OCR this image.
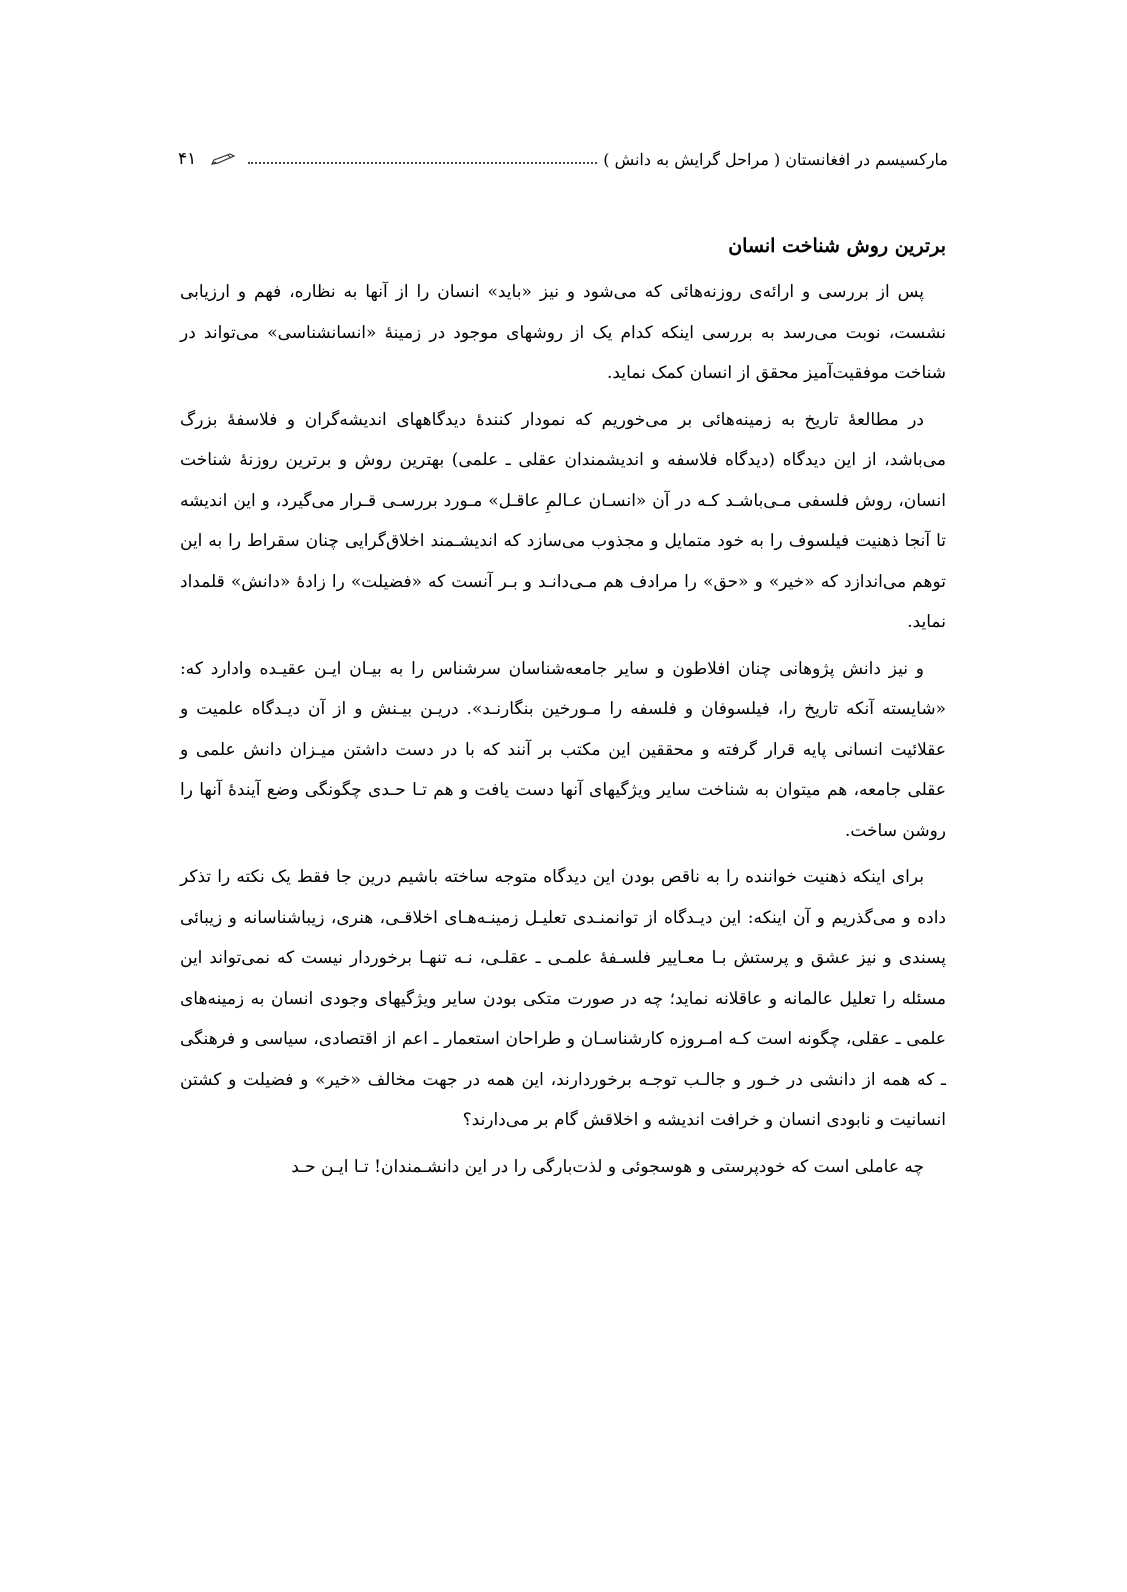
۴۱	مارکسیسم در افغانستان ( مراحل گرایش به دانش )
برترین روش شناخت انسان

پس از بررسی و ارائه‌ی روزنه‌هائی که می‌شود و نیز «باید» انسان را از آنها به نظاره، فهم و ارزیابی نشست، نوبت می‌رسد به بررسی اینکه کدام یک از روشهای موجود در زمینهٔ «انسانشناسی» می‌تواند در شناخت موفقیت‌آمیز محقق از انسان کمک نماید.

در مطالعهٔ تاریخ به زمینه‌هائی بر می‌خوریم که نمودار کنندهٔ دیدگاههای اندیشه‌گران و فلاسفهٔ بزرگ می‌باشد، از این دیدگاه (دیدگاه فلاسفه و اندیشمندان عقلی ـ علمی) بهترین روش و برترین روزنهٔ شناخت انسان، روش فلسفی مـی‌باشـد کـه در آن «انسـان عـالمِ عاقـل» مـورد بررسـی قـرار می‌گیرد، و این اندیشه تا آنجا ذهنیت فیلسوف را به خود متمایل و مجذوب می‌سازد که اندیشـمند اخلاق‌گرایی چنان سقراط را به این توهم می‌اندازد که «خیر» و «حق» را مرادف هم مـی‌دانـد و بـر آنست که «فضیلت» را زادهٔ «دانش» قلمداد نماید.

و نیز دانش پژوهانی چنان افلاطون و سایر جامعه‌شناسان سرشناس را به بیـان ایـن عقیـده وادارد که: «شایسته آنکه تاریخ را، فیلسوفان و فلسفه را مـورخین بنگارنـد». دریـن بیـنش و از آن دیـدگاه علمیت و عقلائیت انسانی پایه قرار گرفته و محققین این مکتب بر آنند که با در دست داشتن میـزان دانش علمی و عقلی جامعه، هم میتوان به شناخت سایر ویژگیهای آنها دست یافت و هم تـا حـدی چگونگی وضع آیندهٔ آنها را روشن ساخت.

برای اینکه ذهنیت خواننده را به ناقص بودن این دیدگاه متوجه ساخته باشیم درین جا فقط یک نکته را تذکر داده و می‌گذریم و آن اینکه: این دیـدگاه از توانمنـدی تعلیـل زمینـه‌هـای اخلاقـی، هنری، زیباشناسانه و زیبائی پسندی و نیز عشق و پرستش بـا معـاییر فلسـفهٔ علمـی ـ عقلـی، نـه تنهـا برخوردار نیست که نمی‌تواند این مسئله را تعلیل عالمانه و عاقلانه نماید؛ چه در صورت متکی بودن سایر ویژگیهای وجودی انسان به زمینه‌های علمی ـ عقلی، چگونه است کـه امـروزه کارشناسـان و طراحان استعمار ـ اعم از اقتصادی، سیاسی و فرهنگی ـ که همه از دانشی در خـور و جالـب توجـه برخوردارند، این همه در جهت مخالف «خیر» و فضیلت و کشتن انسانیت و نابودی انسان و خرافت اندیشه و اخلاقش گام بر می‌دارند؟

چه عاملی است که خودپرستی و هوسجوئی و لذت‌بارگی را در این دانشـمندان! تـا ایـن حـد
